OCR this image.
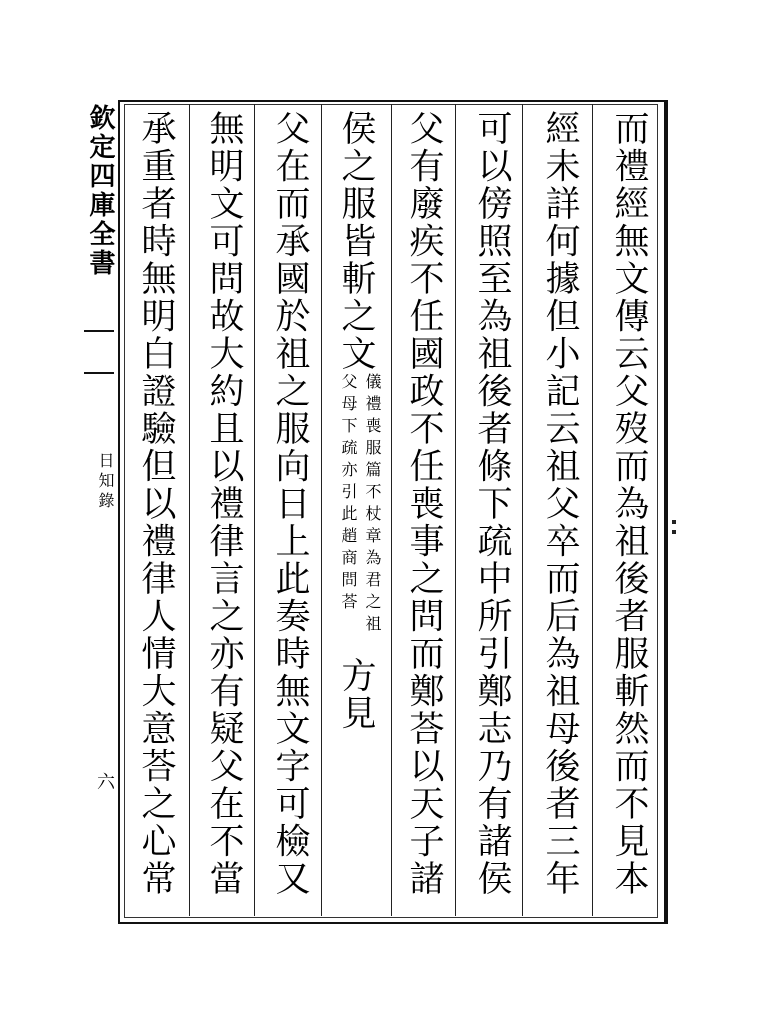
欽定四庫全書
日知錄
六	而禮經無文傳云父歿而為祖後者服斬然而不見本
經未詳何據但小記云祖父卒而后為祖母後者三年
可以傍照至為祖後者條下疏中所引鄭志乃有諸侯
父有廢疾不任國政不任喪事之問而鄭荅以天子諸
侯之服皆斬之文
儀禮喪服篇不杖章為君之祖
父母下疏亦引此趙商問荅
方見
父在而承國於祖之服向日上此奏時無文字可檢又
無明文可問故大約且以禮律言之亦有疑父在不當
承重者時無明白證驗但以禮律人情大意荅之心常
